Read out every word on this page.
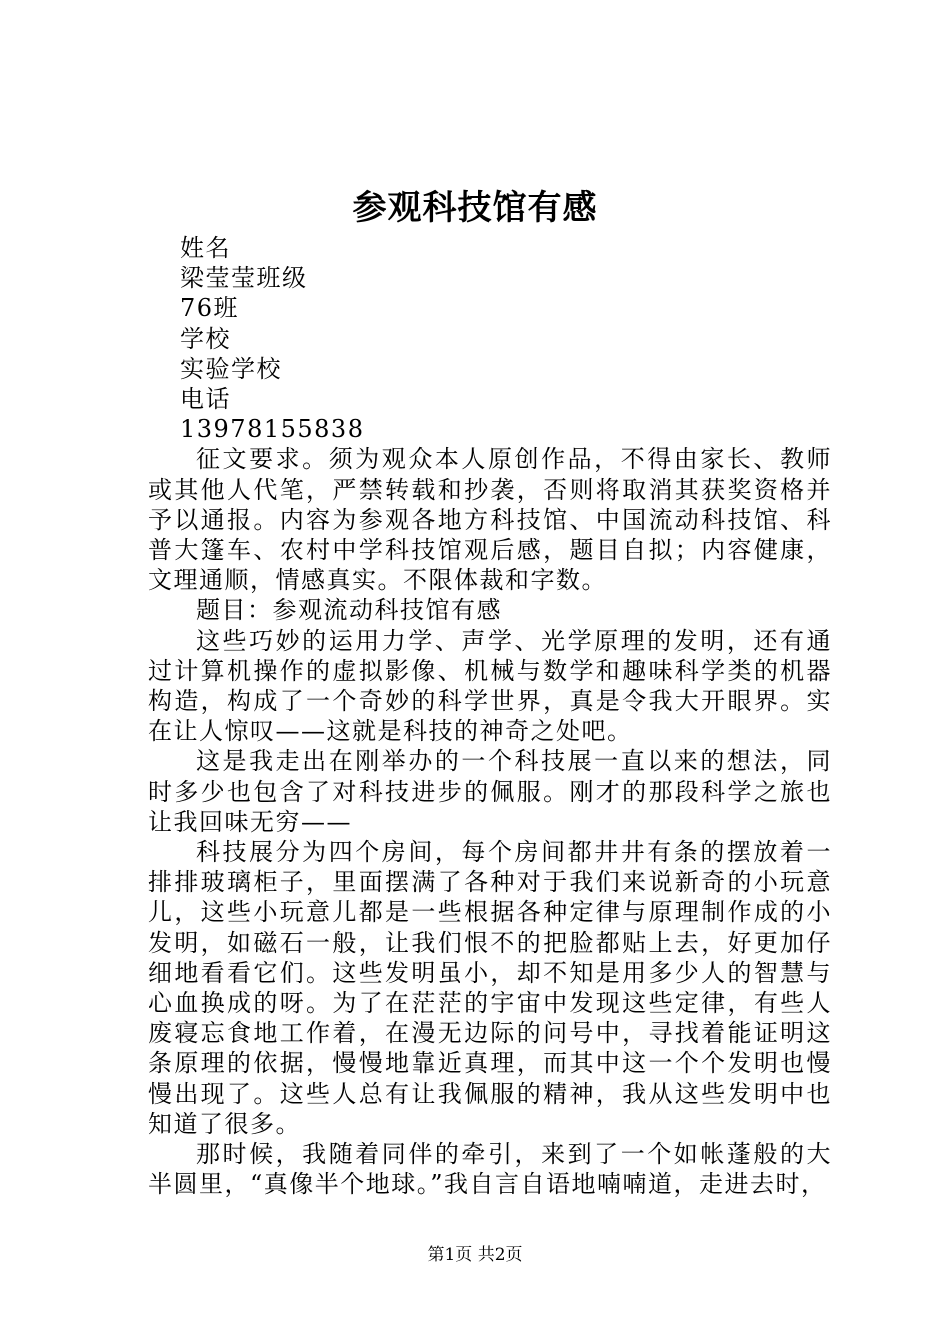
参观科技馆有感

姓名

梁莹莹班级

76班

学校

实验学校

电话

13978155838

征文要求。须为观众本人原创作品，不得由家长、教师或其他人代笔，严禁转载和抄袭，否则将取消其获奖资格并予以通报。内容为参观各地方科技馆、中国流动科技馆、科普大篷车、农村中学科技馆观后感，题目自拟；内容健康，文理通顺，情感真实。不限体裁和字数。

题目：参观流动科技馆有感

这些巧妙的运用力学、声学、光学原理的发明，还有通过计算机操作的虚拟影像、机械与数学和趣味科学类的机器构造，构成了一个奇妙的科学世界，真是令我大开眼界。实在让人惊叹——这就是科技的神奇之处吧。

这是我走出在刚举办的一个科技展一直以来的想法，同时多少也包含了对科技进步的佩服。刚才的那段科学之旅也让我回味无穷——

科技展分为四个房间，每个房间都井井有条的摆放着一排排玻璃柜子，里面摆满了各种对于我们来说新奇的小玩意儿，这些小玩意儿都是一些根据各种定律与原理制作成的小发明，如磁石一般，让我们恨不的把脸都贴上去，好更加仔细地看看它们。这些发明虽小，却不知是用多少人的智慧与心血换成的呀。为了在茫茫的宇宙中发现这些定律，有些人废寝忘食地工作着，在漫无边际的问号中，寻找着能证明这条原理的依据，慢慢地靠近真理，而其中这一个个发明也慢慢出现了。这些人总有让我佩服的精神，我从这些发明中也知道了很多。

那时候，我随着同伴的牵引，来到了一个如帐蓬般的大半圆里，“真像半个地球。”我自言自语地喃喃道，走进去时，

第1页 共2页
